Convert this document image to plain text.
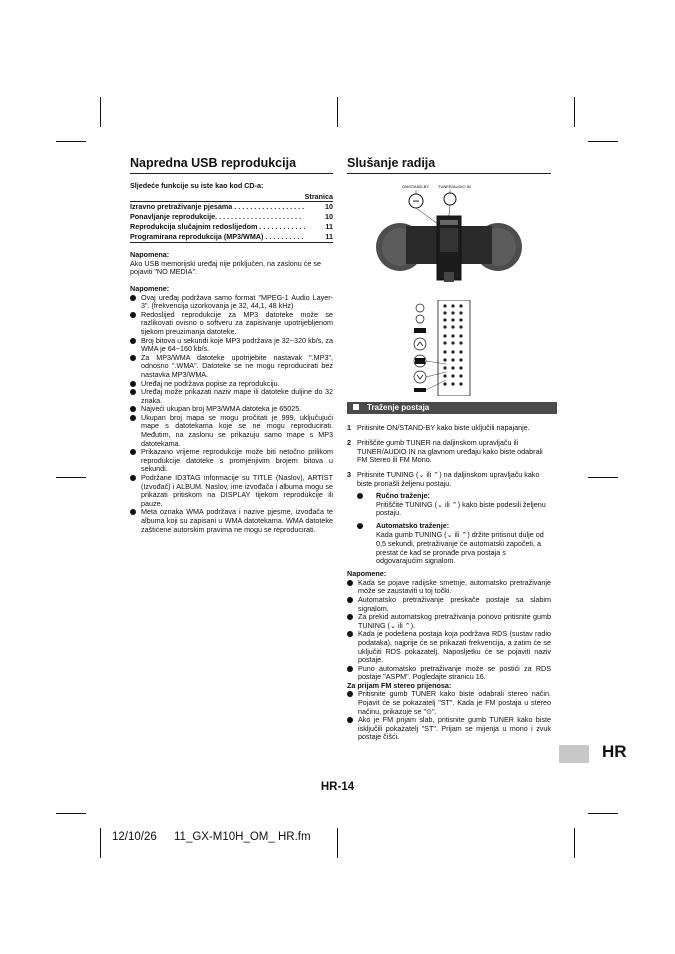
Napredna USB reprodukcija
Sljedeće funkcije su iste kao kod CD-a:
Stranica
Izravno pretraživanje pjesama . . . . . . . . . . . . . . . . . .	10
Ponavljanje reprodukcije. . . . . . . . . . . . . . . . . . . . . .	10
Reprodukcija slučajnim redoslijedom . . . . . . . . . . . .	11
Programirana reprodukcija (MP3/WMA) . . . . . . . . . .	11
Napomena:
Ako USB memorijski uređaj nije priključen, na zaslonu će se pojaviti "NO MEDIA".
Napomene:
Ovaj uređaj podržava samo format "MPEG-1 Audio Layer-3". (frekvencija uzorkovanja je 32, 44,1, 48 kHz)
Redoslijed reprodukcije za MP3 datoteke može se razlikovati ovisno o softveru za zapisivanje upotrijebljenom tijekom preuzimanja datoteke.
Broj bitova u sekundi koje MP3 podržava je 32~320 kb/s, za WMA je 64~160 kb/s.
Za MP3/WMA datoteke upotrijebite nastavak ".MP3", odnosno ".WMA". Datoteke se ne mogu reproducirati bez nastavka MP3/WMA.
Uređaj ne podržava popise za reprodukciju.
Uređaj može prikazati naziv mape ili datoteke duljine do 32 znaka.
Najveći ukupan broj MP3/WMA datoteka je 65025.
Ukupan broj mapa se mogu pročitati je 999, uključujući mape s datotekama koje se ne mogu reproducirati. Međutim, na zaslonu se prikazuju samo mape s MP3 datotekama.
Prikazano vrijeme reprodukcije može biti netočno prilikom reprodukcije datoteke s promjenjivim brojem bitova u sekundi.
Podržane ID3TAG informacije su TITLE (Naslov), ARTIST (Izvođač) i ALBUM. Naslov, ime izvođača i albuma mogu se prikazati pritiskom na DISPLAY tijekom reprodukcije ili pauze.
Meta oznaka WMA podržava i nazive pjesme, izvođača te albuma koji su zapisani u WMA datotekama. WMA datoteke zaštićene autorskim pravima ne mogu se reproducirati.
Slušanje radija
ON/STAND-BY TUNER/AUDIO IN
Traženje postaja
1 Pritisnite ON/STAND-BY kako biste uključili napajanje.
2 Pritiščite gumb TUNER na daljinskom upravljaču ili TUNER/AUDIO IN na glavnom uređaju kako biste odabrali FM Stereo ili FM Mono.
3 Pritisnite TUNING (⌄ ili ⌃) na daljinskom upravljaču kako biste pronašli željenu postaju.
Ručno traženje:
Pritiščite TUNING (⌄ ili ⌃) kako biste podesili željenu postaju.
Automatsko traženje:
Kada gumb TUNING (⌄ ili ⌃) držite pritisnut dulje od 0,5 sekundi, pretraživanje će automatski započeti, a prestat će kad se pronađe prva postaja s odgovarajućim signalom.
Napomene:
Kada se pojave radijske smetnje, automatsko pretraživanje može se zaustaviti u toj točki.
Automatsko pretraživanje preskače postaje sa slabim signalom.
Za prekid automatskog pretraživanja ponovo pritisnite gumb TUNING (⌄ ili ⌃).
Kada je podešena postaja koja podržava RDS (sustav radio podataka), najprije će se prikazati frekvencija, a zatim će se uključiti RDS pokazatelj. Naposljetku će se pojaviti naziv postaje.
Puno automatsko pretraživanje može se postići za RDS postaje "ASPM". Pogledajte stranicu 16.
Za prijam FM stereo prijenosa:
Pritisnite gumb TUNER kako biste odabrali stereo način. Pojavit će se pokazatelj "ST". Kada je FM postaja u stereo načinu, prikazuje se "⊙".
Ako je FM prijam slab, pritisnite gumb TUNER kako biste isključili pokazatelj "ST". Prijam se mijenja u mono i zvuk postaje čišći.
HR
HR-14
12/10/26 11_GX-M10H_OM_ HR.fm
